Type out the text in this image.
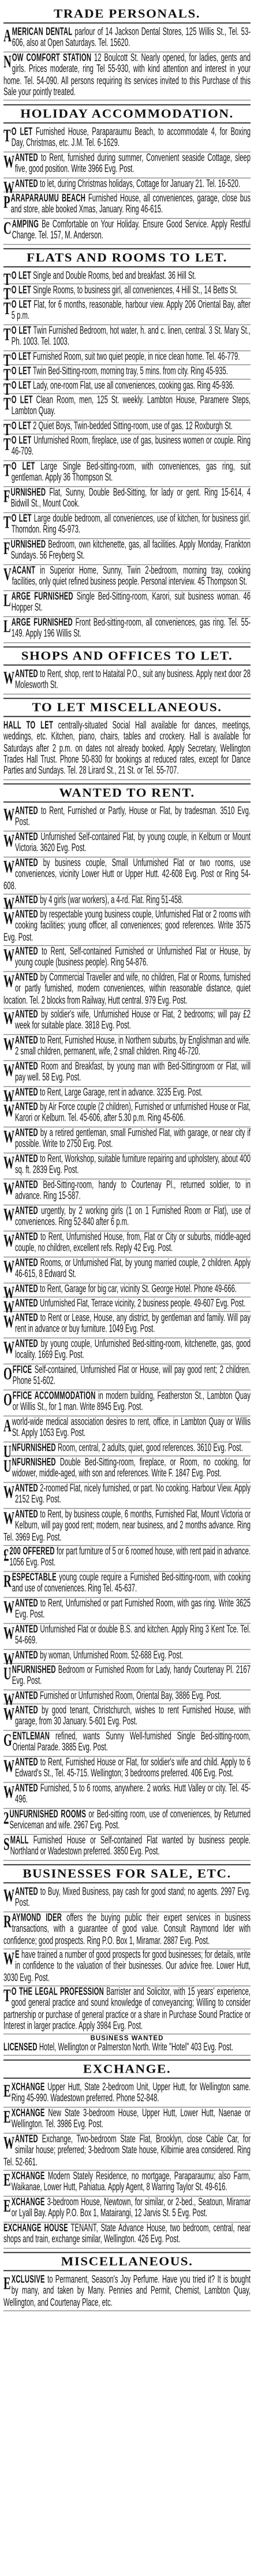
TRADE PERSONALS.
AMERICAN DENTAL parlour of 14 Jackson Dental Stores, 125 Willis St., Tel. 53-606, also at Open Saturdays. Tel. 15620.
NOW COMFORT STATION 12 Boulcott St. Nearly opened, for ladies, gents and girls. Prices moderate, ring Tel 55-930, with kind attention and interest in your home. Tel. 54-090. All persons requiring its services invited to this Purchase of this Sale your pointly treated.
HOLIDAY ACCOMMODATION.
T O LET Furnished House, Paraparaumu Beach, to accommodate 4, for Boxing Day, Christmas, etc. J.M. Tel. 6-1629.
WANTED to Rent, furnished during summer, Convenient seaside Cottage, sleep five, good position. Write 3966 Evg. Post.
WANTED to let, during Christmas holidays, Cottage for January 21. Tel. 16-520.
PARAPARAUMU BEACH Furnished House, all conveniences, garage, close bus and store, able booked Xmas, January. Ring 46-615.
CAMPING Be Comfortable on Your Holiday. Ensure Good Service. Apply Restful Change. Tel. 157, M. Anderson.
FLATS AND ROOMS TO LET.
T O LET Single and Double Rooms, bed and breakfast. 36 Hill St.
T O LET Single Rooms, to business girl, all conveniences, 4 Hill St., 14 Betts St.
T O LET Flat, for 6 months, reasonable, harbour view. Apply 206 Oriental Bay, after 5 p.m.
T O LET Twin Furnished Bedroom, hot water, h. and c. linen, central. 3 St. Mary St., Ph. 1003. Tel. 1003.
T O LET Furnished Room, suit two quiet people, in nice clean home. Tel. 46-779.
T O LET Twin Bed-Sitting-room, morning tray, 5 mins. from city. Ring 45-935.
T O LET Lady, one-room Flat, use all conveniences, cooking gas. Ring 45-936.
T O LET Clean Room, men, 125 St. weekly. Lambton House, Paramere Steps, Lambton Quay.
T O LET 2 Quiet Boys, Twin-bedded Sitting-room, use of gas. 12 Roxburgh St.
T O LET Unfurnished Room, fireplace, use of gas, business women or couple. Ring 46-709.
T O LET Large Single Bed-sitting-room, with conveniences, gas ring, suit gentleman. Apply 36 Thompson St.
FURNISHED Flat, Sunny, Double Bed-Sitting, for lady or gent. Ring 15-614, 4 Bidwill St., Mount Cook.
T O LET Large double bedroom, all conveniences, use of kitchen, for business girl. Thorndon. Ring 45-973.
FURNISHED Bedroom, own kitchenette, gas, all facilities. Apply Monday, Frankton Sundays. 56 Freyberg St.
VACANT in Superior Home, Sunny, Twin 2-bedroom, morning tray, cooking facilities, only quiet refined business people. Personal interview. 45 Thompson St.
LARGE FURNISHED Single Bed-Sitting-room, Karori, suit business woman. 46 Hopper St.
LARGE FURNISHED Front Bed-sitting-room, all conveniences, gas ring. Tel. 55-149. Apply 196 Willis St.
SHOPS AND OFFICES TO LET.
WANTED to Rent, shop, rent to Hataital P.O., suit any business. Apply next door 28 Molesworth St.
TO LET MISCELLANEOUS.
HALL TO LET centrally-situated Social Hall available for dances, meetings, weddings, etc. Kitchen, piano, chairs, tables and crockery. Hall is available for Saturdays after 2 p.m. on dates not already booked. Apply Secretary, Wellington Trades Hall Trust. Phone 50-830 for bookings at reduced rates, except for Dance Parties and Sundays. Tel. 28 Lirard St., 21 St. or Tel. 55-707.
WANTED TO RENT.
WANTED to Rent, Furnished or Partly, House or Flat, by tradesman. 3510 Evg. Post.
WANTED Unfurnished Self-contained Flat, by young couple, in Kelburn or Mount Victoria. 3620 Evg. Post.
WANTED by business couple, Small Unfurnished Flat or two rooms, use conveniences, vicinity Lower Hutt or Upper Hutt. 42-608 Evg. Post or Ring 54-608.
WANTED by 4 girls (war workers), a 4-rd. Flat. Ring 51-458.
WANTED by respectable young business couple, Unfurnished Flat or 2 rooms with cooking facilities; young officer, all conveniences; good references. Write 3575 Evg. Post.
WANTED to Rent, Self-contained Furnished or Unfurnished Flat or House, by young couple (business people). Ring 54-876.
WANTED by Commercial Traveller and wife, no children, Flat or Rooms, furnished or partly furnished, modern conveniences, within reasonable distance, quiet location. Tel. 2 blocks from Railway, Hutt central. 979 Evg. Post.
WANTED by soldier's wife, Unfurnished House or Flat, 2 bedrooms; will pay £2 week for suitable place. 3818 Evg. Post.
WANTED to Rent, Furnished House, in Northern suburbs, by Englishman and wife. 2 small children, permanent, wife, 2 small children. Ring 46-720.
WANTED Room and Breakfast, by young man with Bed-Sittingroom or Flat, will pay well. 58 Evg. Post.
WANTED to Rent, Large Garage, rent in advance. 3235 Evg. Post.
WANTED by Air Force couple (2 children), Furnished or unfurnished House or Flat, Karori or Kelburn. Tel. 45-606, after 5.30 p.m. Ring 45-606.
WANTED by a retired gentleman, small Furnished Flat, with garage, or near city if possible. Write to 2750 Evg. Post.
WANTED to Rent, Workshop, suitable furniture repairing and upholstery, about 400 sq. ft. 2839 Evg. Post.
WANTED Bed-Sitting-room, handy to Courtenay Pl., returned soldier, to in advance. Ring 15-587.
WANTED urgently, by 2 working girls (1 on 1 Furnished Room or Flat), use of conveniences. Ring 52-840 after 6 p.m.
WANTED to Rent, Unfurnished House, from, Flat or City or suburbs, middle-aged couple, no children, excellent refs. Reply 42 Evg. Post.
WANTED Rooms, or Unfurnished Flat, by young married couple, 2 children. Apply 46-615, 8 Edward St.
WANTED to Rent, Garage for big car, vicinity St. George Hotel. Phone 49-666.
WANTED Unfurnished Flat, Terrace vicinity, 2 business people. 49-607 Evg. Post.
WANTED to Rent or Lease, House, any district, by gentleman and family. Will pay rent in advance or buy furniture. 1049 Evg. Post.
WANTED by young couple, Unfurnished Bed-sitting-room, kitchenette, gas, good locality. 1669 Evg. Post.
OFFICE Self-contained, Unfurnished Flat or House, will pay good rent; 2 children. Phone 51-602.
OFFICE ACCOMMODATION in modern building, Featherston St., Lambton Quay or Willis St., for 1 man. Write 8945 Evg. Post.
Aworld-wide medical association desires to rent, office, in Lambton Quay or Willis St. Apply 1053 Evg. Post.
UNFURNISHED Room, central, 2 adults, quiet, good references. 3610 Evg. Post.
UNFURNISHED Double Bed-Sitting-room, fireplace, or Room, no cooking, for widower, middle-aged, with son and references. Write F. 1847 Evg. Post.
WANTED 2-roomed Flat, nicely furnished, or part. No cooking. Harbour View. Apply 2152 Evg. Post.
WANTED to Rent, by business couple, 6 months, Furnished Flat, Mount Victoria or Kelburn, will pay good rent; modern, near business, and 2 months advance. Ring Tel. 3969 Evg. Post.
£ 200 OFFERED for part furniture of 5 or 6 roomed house, with rent paid in advance. 1056 Evg. Post.
RESPECTABLE young couple require a Furnished Bed-sitting-room, with cooking and use of conveniences. Ring Tel. 45-637.
WANTED to Rent, Unfurnished or part Furnished Room, with gas ring. Write 3625 Evg. Post.
WANTED Unfurnished Flat or double B.S. and kitchen. Apply Ring 3 Kent Tce. Tel. 54-669.
WANTED by woman, Unfurnished Room. 52-688 Evg. Post.
UNFURNISHED Bedroom or Furnished Room for Lady, handy Courtenay Pl. 2167 Evg. Post.
WANTED Furnished or Unfurnished Room, Oriental Bay, 3886 Evg. Post.
WANTED by good tenant, Christchurch, wishes to rent Furnished House, with garage, from 30 January. 5-601 Evg. Post.
GENTLEMAN refined, wants Sunny Well-furnished Single Bed-sitting-room, Oriental Parade. 3885 Evg. Post.
WANTED to Rent, Furnished House or Flat, for soldier's wife and child. Apply to 6 Edward's St., Tel. 45-715. Wellington; 3 bedrooms preferred. 406 Evg. Post.
WANTED Furnished, 5 to 6 rooms, anywhere. 2 works. Hutt Valley or city. Tel. 45-496.
2 UNFURNISHED ROOMS or Bed-sitting room, use of conveniences, by Returned Serviceman and wife. 2967 Evg. Post.
SMALL Furnished House or Self-contained Flat wanted by business people. Northland or Wadestown preferred. 3850 Evg. Post.
BUSINESSES FOR SALE, ETC.
WANTED to Buy, Mixed Business, pay cash for good stand; no agents. 2997 Evg. Post.
RAYMOND IDER offers the buying public their expert services in business transactions, with a guarantee of good value. Consult Raymond Ider with confidence; good prospects. Ring P.O. Box 1, Miramar. 2887 Evg. Post.
W E have trained a number of good prospects for good businesses; for details, write in confidence to the valuation of their businesses. Our advice free. Lower Hutt, 3030 Evg. Post.
T O THE LEGAL PROFESSION Barrister and Solicitor, with 15 years' experience, good general practice and sound knowledge of conveyancing; Willing to consider partnership or purchase of general practice or a share in Purchase Sound Practice or Interest in larger practice. Apply 3984 Evg. Post.
BUSINESS WANTED
LICENSED Hotel, Wellington or Palmerston North. Write "Hotel" 403 Evg. Post.
EXCHANGE.
EXCHANGE Upper Hutt, State 2-bedroom Unit, Upper Hutt, for Wellington same. Ring 45-990. Wadestown preferred. Phone 52-848.
EXCHANGE New State 3-bedroom House, Upper Hutt, Lower Hutt, Naenae or Wellington. Tel. 3986 Evg. Post.
WANTED Exchange, Two-bedroom State Flat, Brooklyn, close Cable Car, for similar house; preferred; 3-bedroom State house, Kilbirnie area considered. Ring Tel. 52-661.
EXCHANGE Modern Stately Residence, no mortgage, Paraparaumu; also Farm, Waikanae, Lower Hutt, Pahiatua. Apply Agent, 8 Warring Taylor St. 49-616.
EXCHANGE 3-bedroom House, Newtown, for similar, or 2-bed., Seatoun, Miramar or Lyall Bay. Apply P.O. Box 1, Matairangi, 12 Jarvis St. 5 Evg. Post.
EXCHANGE HOUSE TENANT, State Advance House, two bedroom, central, near shops and train, exchange similar, Wellington. 426 Evg. Post.
MISCELLANEOUS.
EXCLUSIVE to Permanent, Season's Joy Perfume. Have you tried it? It is bought by many, and taken by Many. Pennies and Permit, Chemist, Lambton Quay, Wellington, and Courtenay Place, etc.
